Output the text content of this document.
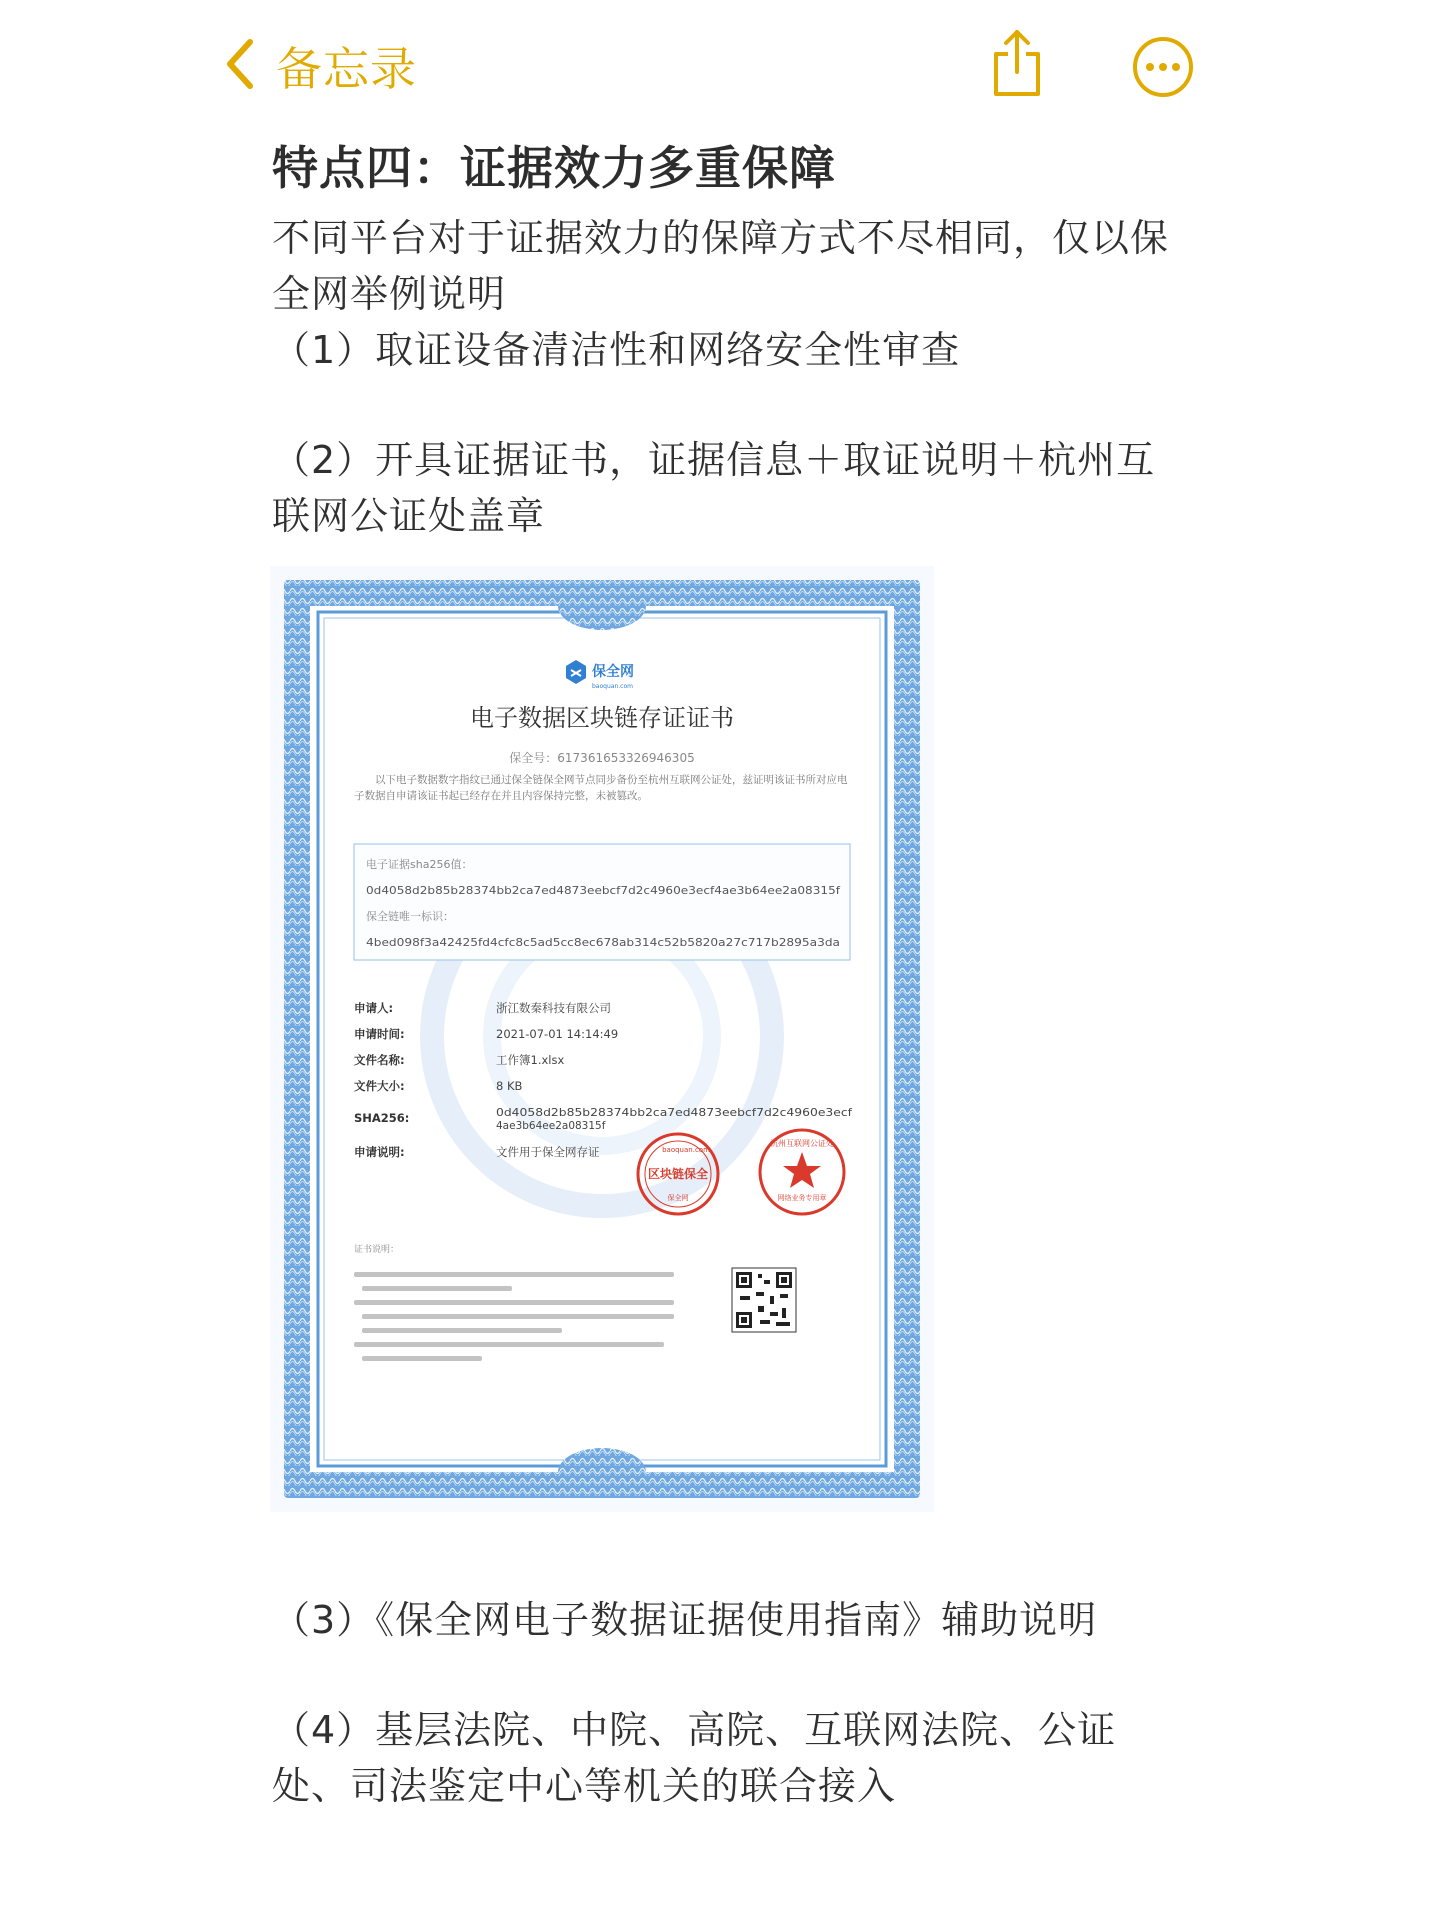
备忘录
特点四：证据效力多重保障

不同平台对于证据效力的保障方式不尽相同，仅以保全网举例说明

（1）取证设备清洁性和网络安全性审查

（2）开具证据证书，证据信息＋取证说明＋杭州互联网公证处盖章

保全网
baoquan.com
电子数据区块链存证证书
保全号：617361653326946305
以下电子数据数字指纹已通过保全链保全网节点同步备份至杭州互联网公证处，兹证明该证书所对应电子数据自申请该证书起已经存在并且内容保持完整，未被篡改。
电子证据sha256值：
0d4058d2b85b28374bb2ca7ed4873eebcf7d2c4960e3ecf4ae3b64ee2a08315f
保全链唯一标识：
4bed098f3a42425fd4cfc8c5ad5cc8ec678ab314c52b5820a27c717b2895a3da
申请人:	浙江数秦科技有限公司
申请时间:	2021-07-01 14:14:49
文件名称:	工作簿1.xlsx
文件大小:	8 KB
SHA256:	0d4058d2b85b28374bb2ca7ed4873eebcf7d2c4960e3ecf
4ae3b64ee2a08315f
申请说明:	文件用于保全网存证
区块链保全
baoquan.com
保全网
杭州互联网公证处
网络业务专用章
证书说明：

（3）《保全网电子数据证据使用指南》辅助说明

（4）基层法院、中院、高院、互联网法院、公证处、司法鉴定中心等机关的联合接入
